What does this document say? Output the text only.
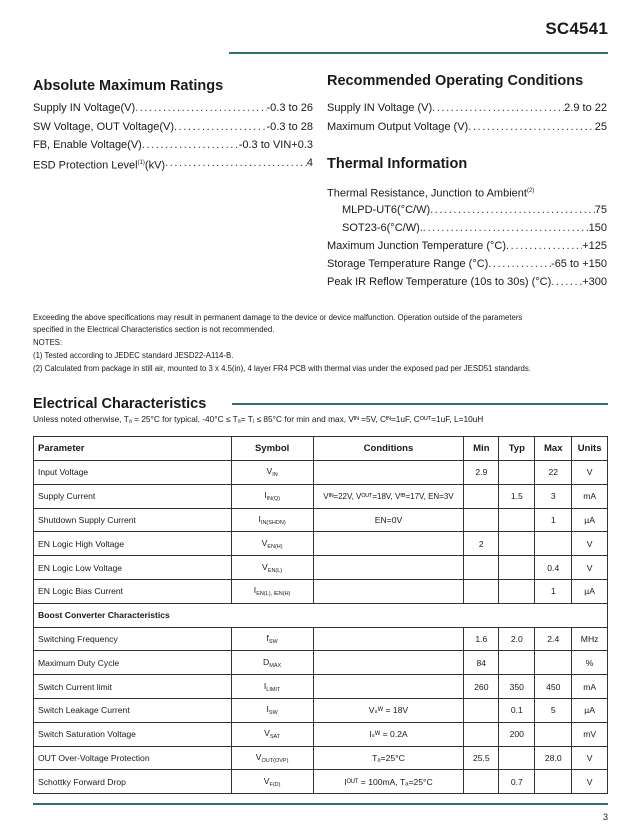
SC4541
Absolute Maximum Ratings
Supply IN Voltage(V) .....	-0.3 to 26
SW Voltage, OUT Voltage(V) .....	-0.3 to 28
FB, Enable Voltage(V) .....	-0.3 to VIN+0.3
ESD Protection Level$^{(1)}$(kV) .....	4
Recommended Operating Conditions
Supply IN Voltage (V) .....	2.9 to 22
Maximum Output Voltage (V) .....	25
Thermal Information
Thermal Resistance, Junction to Ambient$^{(2)}$
MLPD-UT6(°C/W) .....	75
SOT23-6(°C/W). .....	150
Maximum Junction Temperature (°C) .....	+125
Storage Temperature Range (°C) .....	-65 to +150
Peak IR Reflow Temperature (10s to 30s) (°C) .....	+300
Exceeding the above specifications may result in permanent damage to the device or device malfunction. Operation outside of the parameters
specified in the Electrical Characteristics section is not recommended.
NOTES:
(1) Tested according to JEDEC standard JESD22-A114-B.
(2) Calculated from package in still air, mounted to 3 x 4.5(in), 4 layer FR4 PCB with thermal vias under the exposed pad per JESD51 standards.
Electrical Characteristics
Unless noted otherwise, Tₐ = 25°C for typical, -40°C ≤ Tₐ= Tⱼ ≤ 85°C for min and max, Vᴵᴺ =5V, Cᴵᴺ=1uF, Cᴼᵁᵀ=1uF, L=10uH
Parameter	Symbol	Conditions	Min	Typ	Max	Units
Input Voltage	$V_{IN}$		2.9		22	V
Supply Current	$I_{IN(Q)}$	Vᴵᴺ=22V, Vᴼᵁᵀ=18V, Vᶠᴮ=17V, EN=3V		1.5	3	mA
Shutdown Supply Current	$I_{IN(SHDN)}$	EN=0V			1	µA
EN Logic High Voltage	$V_{EN(H)}$		2			V
EN Logic Low Voltage	$V_{EN(L)}$				0.4	V
EN Logic Bias Current	$I_{EN(L), IEN(H)}$				1	µA
Boost Converter Characteristics						
Switching Frequency	$f_{SW}$		1.6	2.0	2.4	MHz
Maximum Duty Cycle	$D_{MAX}$		84			%
Switch Current limit	$I_{LIMIT}$		260	350	450	mA
Switch Leakage Current	$I_{SW}$	Vₛᵂ = 18V		0.1	5	µA
Switch Saturation Voltage	$V_{SAT}$	Iₛᵂ = 0.2A		200		mV
OUT Over-Voltage Protection	$V_{OUT(OVP)}$	Tₐ=25°C	25.5		28.0	V
Schottky Forward Drop	$V_{F(D)}$	Iᴼᵁᵀ = 100mA, Tₐ=25°C		0.7		V
3
